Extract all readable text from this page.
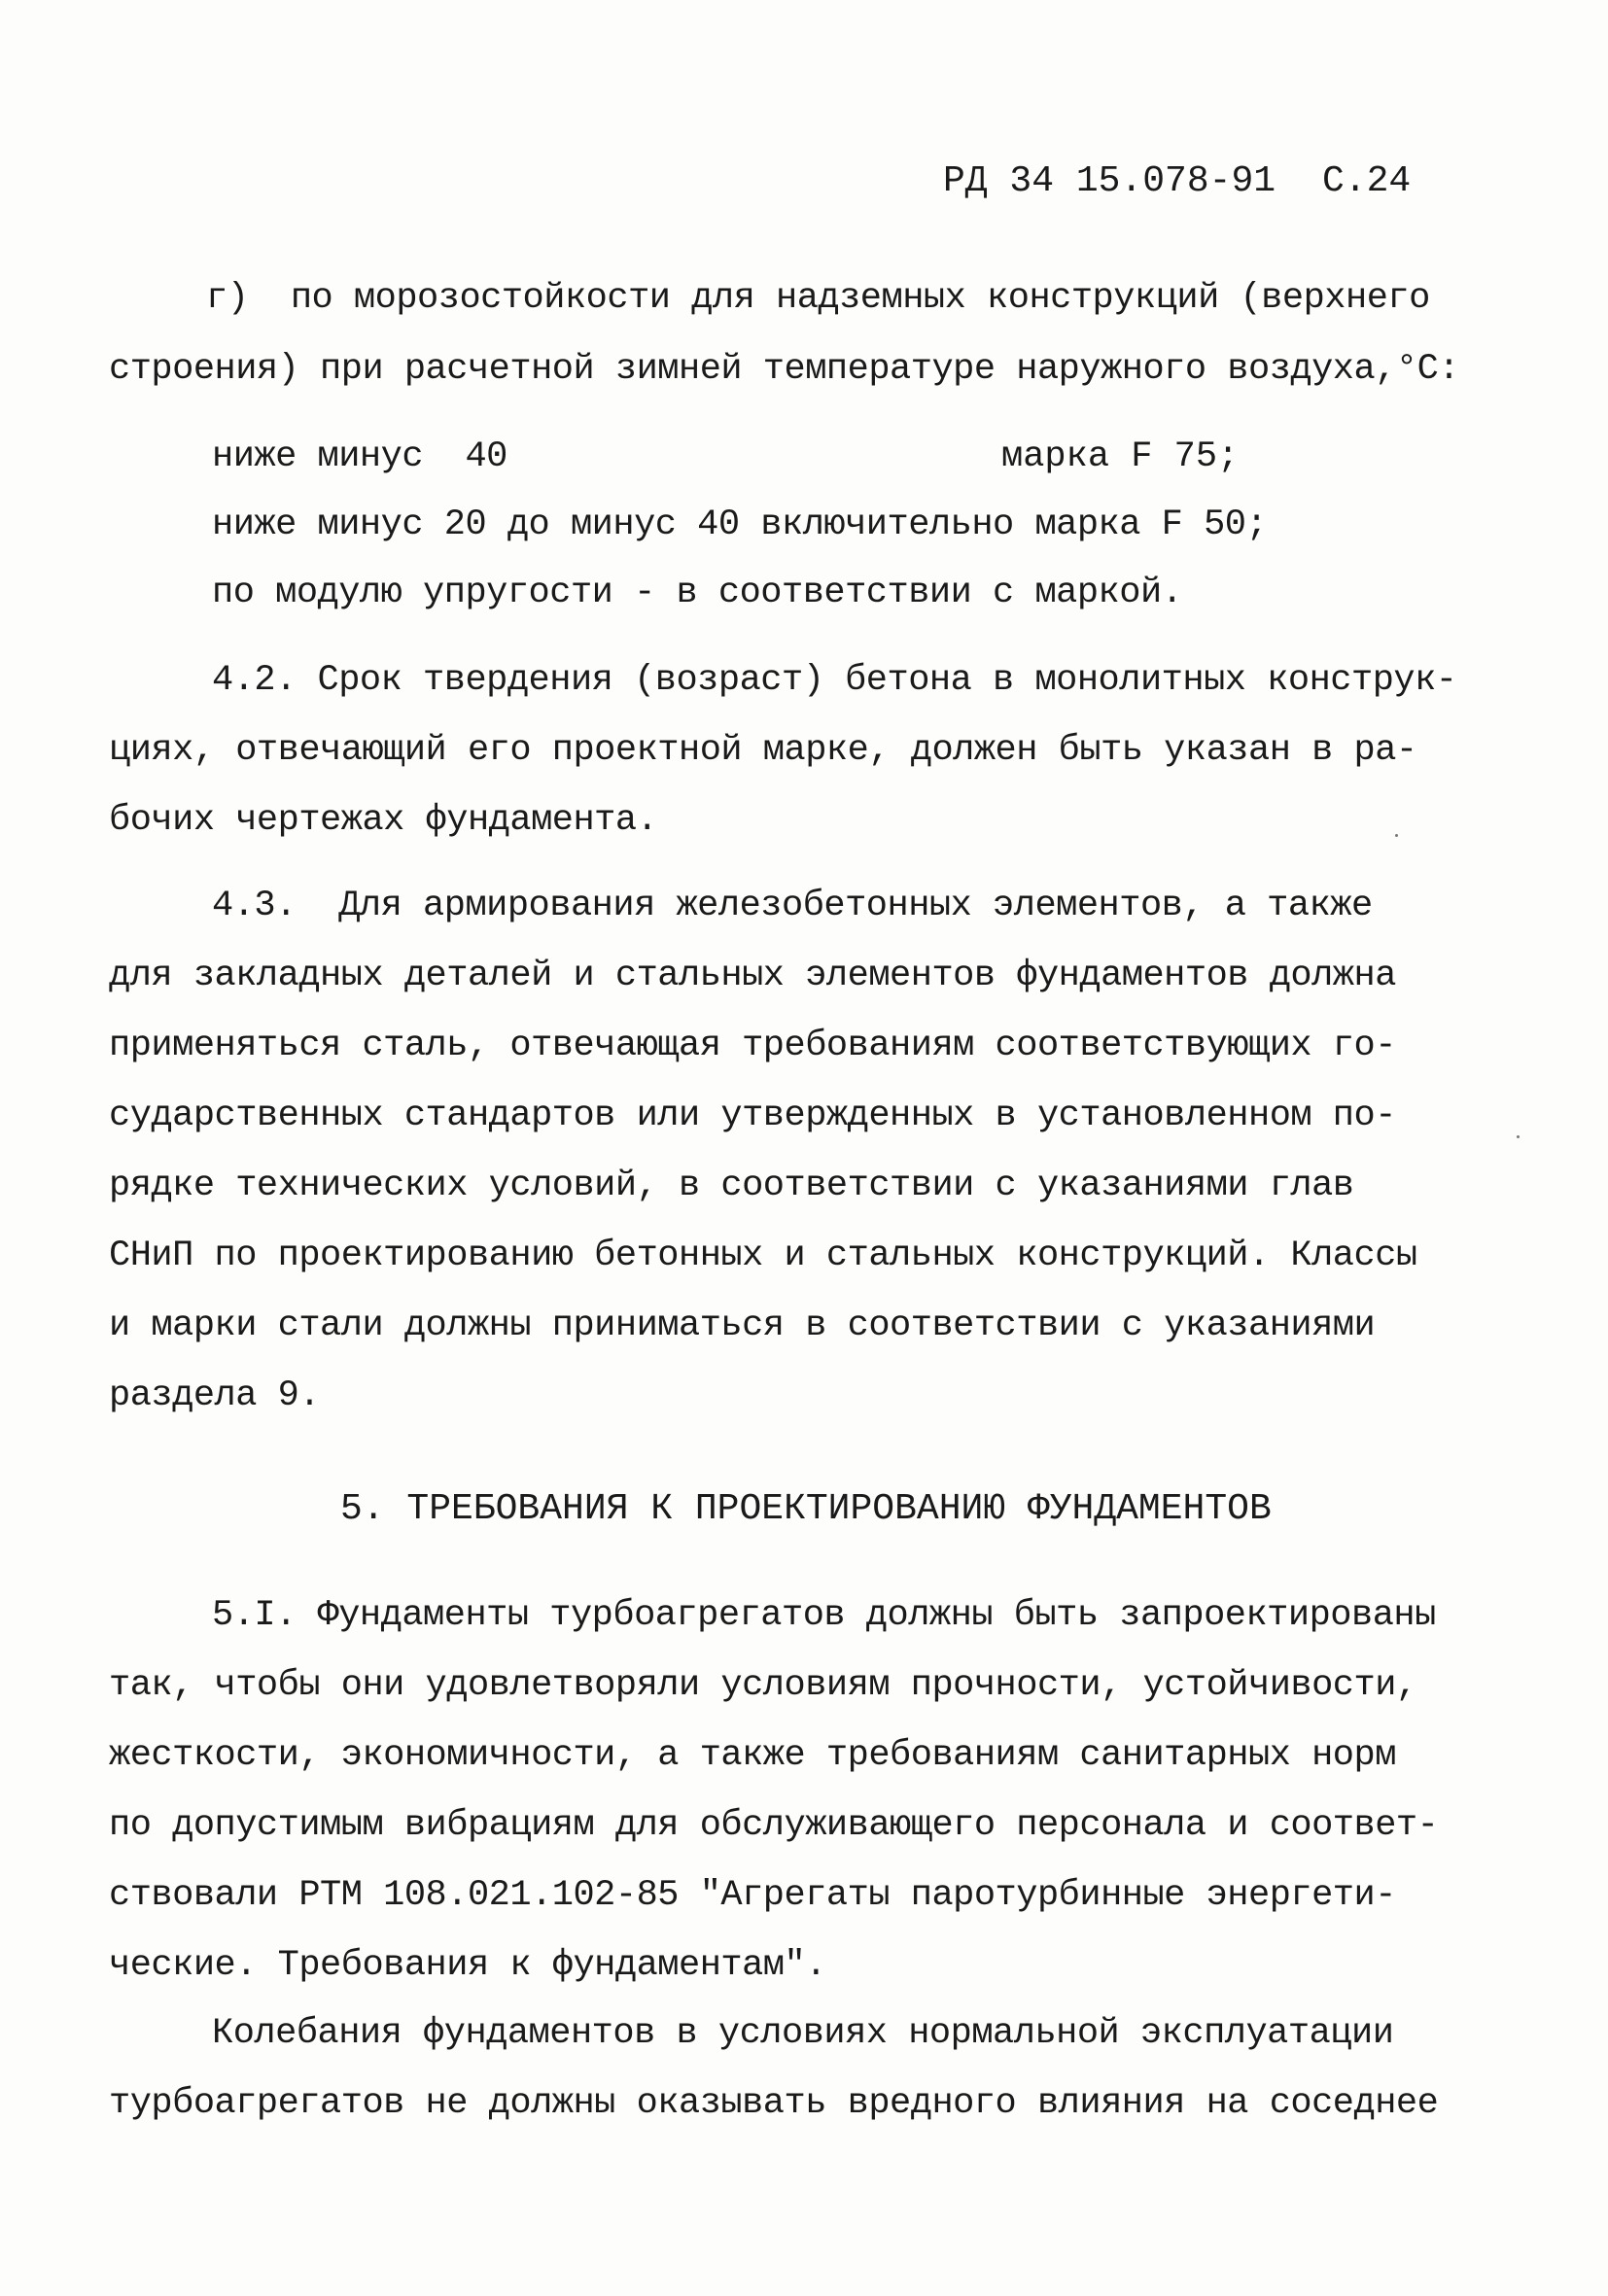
РД 34 15.078-91 С.24
г)  по морозостойкости для надземных конструкций (верхнего
строения) при расчетной зимней температуре наружного воздуха,°С:
ниже минус  40	марка F 75;
ниже минус 20 до минус 40 включительно марка F 50;
по модулю упругости - в соответствии с маркой.
4.2. Срок твердения (возраст) бетона в монолитных конструк-
циях, отвечающий его проектной марке, должен быть указан в ра-
бочих чертежах фундамента.
4.3.  Для армирования железобетонных элементов, а также
для закладных деталей и стальных элементов фундаментов должна
применяться сталь, отвечающая требованиям соответствующих го-
сударственных стандартов или утвержденных в установленном по-
рядке технических условий, в соответствии с указаниями глав
СНиП по проектированию бетонных и стальных конструкций. Классы
и марки стали должны приниматься в соответствии с указаниями
раздела 9.
5. ТРЕБОВАНИЯ К ПРОЕКТИРОВАНИЮ ФУНДАМЕНТОВ
5.I. Фундаменты турбоагрегатов должны быть запроектированы
так, чтобы они удовлетворяли условиям прочности, устойчивости,
жесткости, экономичности, а также требованиям санитарных норм
по допустимым вибрациям для обслуживающего персонала и соответ-
ствовали РТМ 108.021.102-85 "Агрегаты паротурбинные энергети-
ческие. Требования к фундаментам".
Колебания фундаментов в условиях нормальной эксплуатации
турбоагрегатов не должны оказывать вредного влияния на соседнее
